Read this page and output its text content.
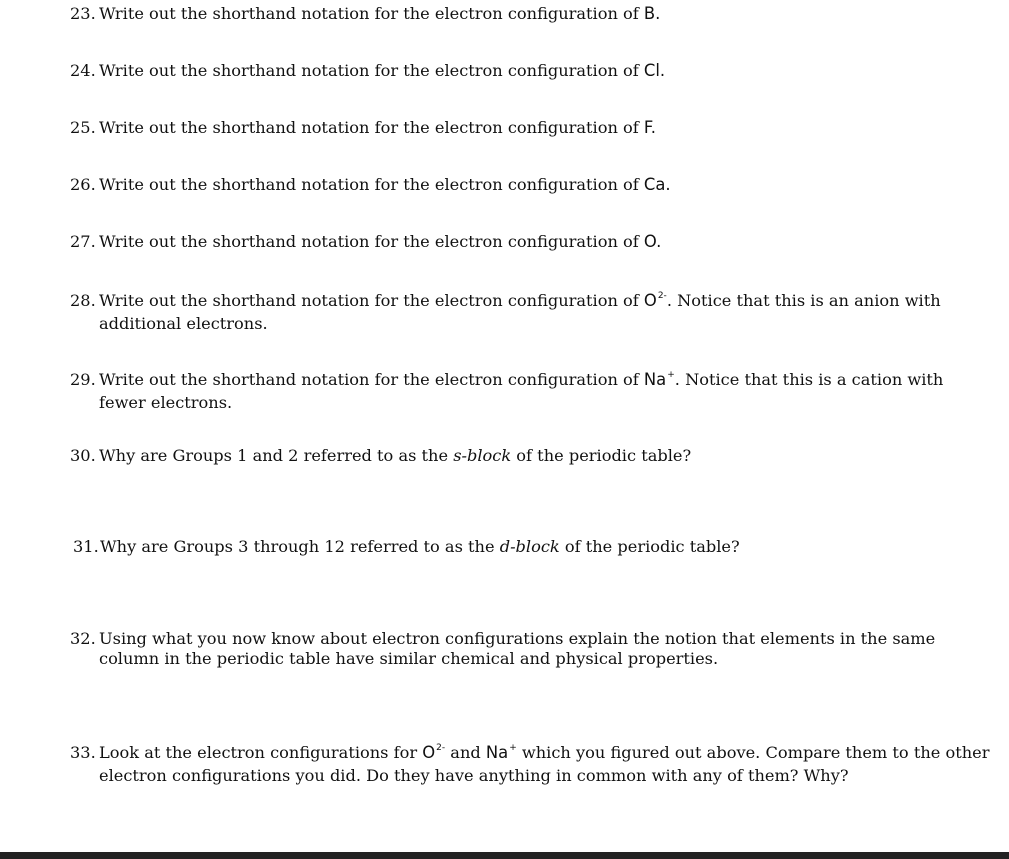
23. Write out the shorthand notation for the electron configuration of B.
24. Write out the shorthand notation for the electron configuration of Cl.
25. Write out the shorthand notation for the electron configuration of F.
26. Write out the shorthand notation for the electron configuration of Ca.
27. Write out the shorthand notation for the electron configuration of O.
28. Write out the shorthand notation for the electron configuration of $O^{2-}$. Notice that this is an anion with
additional electrons.
29. Write out the shorthand notation for the electron configuration of Na+. Notice that this is a cation with
fewer electrons.
30. Why are Groups 1 and 2 referred to as the s-block of the periodic table?
31.Why are Groups 3 through 12 referred to as the d-block of the periodic table?
32. Using what you now know about electron configurations explain the notion that elements in the same
column in the periodic table have similar chemical and physical properties.
33. Look at the electron configurations for $O^{2-}$ and Na+ which you figured out above. Compare them to the other
electron configurations you did. Do they have anything in common with any of them? Why?
